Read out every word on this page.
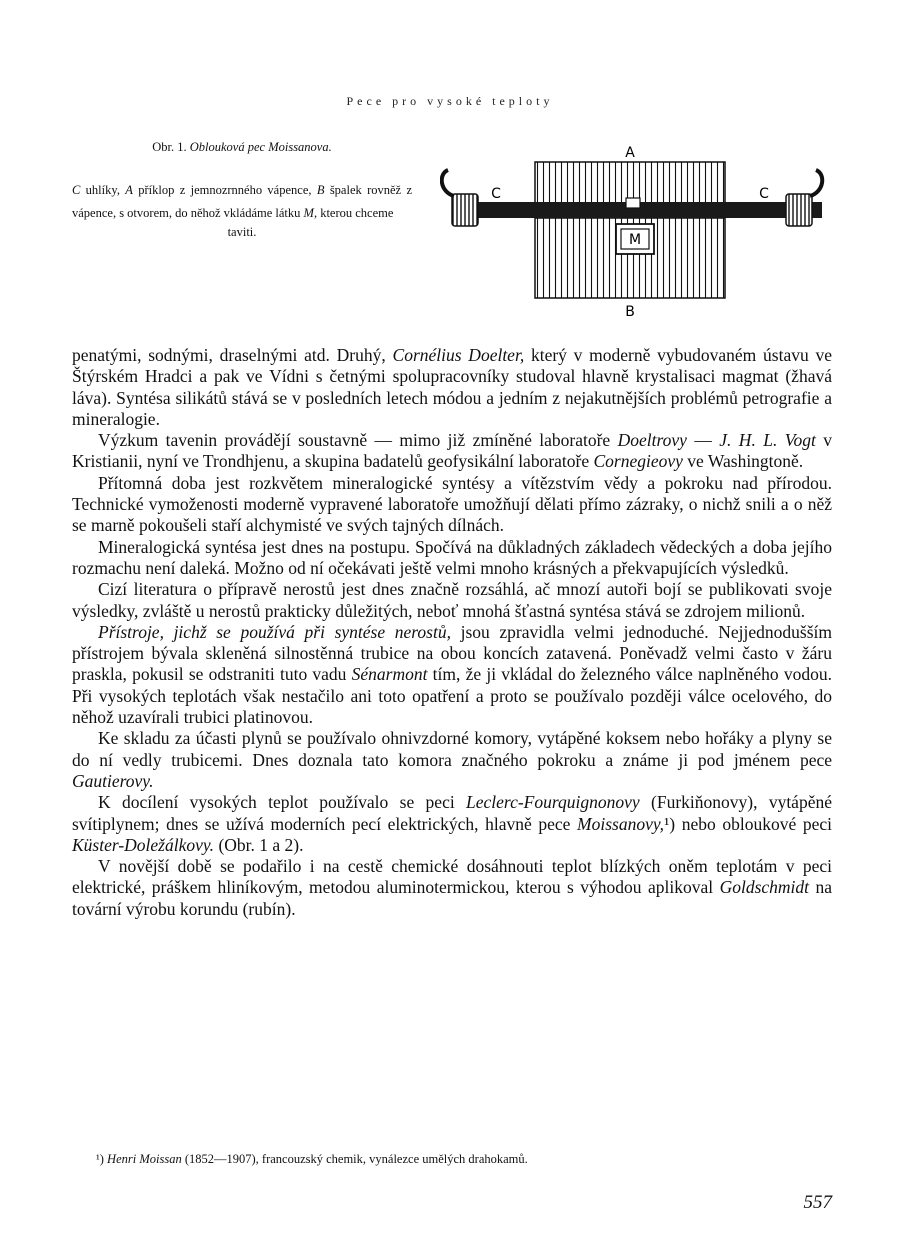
Pece pro vysoké teploty

Obr. 1. Oblouková pec Moissanova.

C uhlíky, A příklop z jemnozrnného vápence, B špalek rovněž z vápence, s otvorem, do něhož vkládáme látku M, kterou chceme

taviti.

A
B
C	C
M

penatými, sodnými, draselnými atd. Druhý, Cornélius Doelter, který v moderně vybudovaném ústavu ve Štýrském Hradci a pak ve Vídni s četnými spolupracovníky studoval hlavně krystalisaci magmat (žhavá láva). Syntésa silikátů stává se v posledních letech módou a jedním z nejakutnějších problémů petrografie a mineralogie.

Výzkum tavenin provádějí soustavně — mimo již zmíněné laboratoře Doeltrovy — J. H. L. Vogt v Kristianii, nyní ve Trondhjenu, a skupina badatelů geofysikální laboratoře Cornegieovy ve Washingtoně.

Přítomná doba jest rozkvětem mineralogické syntésy a vítězstvím vědy a pokroku nad přírodou. Technické vymoženosti moderně vypravené laboratoře umožňují dělati přímo zázraky, o nichž snili a o něž se marně pokoušeli staří alchymisté ve svých tajných dílnách.

Mineralogická syntésa jest dnes na postupu. Spočívá na důkladných základech vědeckých a doba jejího rozmachu není daleká. Možno od ní očekávati ještě velmi mnoho krásných a překvapujících výsledků.

Cizí literatura o přípravě nerostů jest dnes značně rozsáhlá, ač mnozí autoři bojí se publikovati svoje výsledky, zvláště u nerostů prakticky důležitých, neboť mnohá šťastná syntésa stává se zdrojem milionů.

Přístroje, jichž se používá při syntése nerostů, jsou zpravidla velmi jednoduché. Nejjednodušším přístrojem bývala skleněná silnostěnná trubice na obou koncích zatavená. Poněvadž velmi často v žáru praskla, pokusil se odstraniti tuto vadu Sénarmont tím, že ji vkládal do železného válce naplněného vodou. Při vysokých teplotách však nestačilo ani toto opatření a proto se používalo později válce ocelového, do něhož uzavírali trubici platinovou.

Ke skladu za účasti plynů se používalo ohnivzdorné komory, vytápěné koksem nebo hořáky a plyny se do ní vedly trubicemi. Dnes doznala tato komora značného pokroku a známe ji pod jménem pece Gautierovy.

K docílení vysokých teplot používalo se peci Leclerc-Fourquignonovy (Furkiňonovy), vytápěné svítiplynem; dnes se užívá moderních pecí elektrických, hlavně pece Moissanovy,¹) nebo obloukové peci Küster-Doležálkovy. (Obr. 1 a 2).

V novější době se podařilo i na cestě chemické dosáhnouti teplot blízkých oněm teplotám v peci elektrické, práškem hliníkovým, metodou aluminotermickou, kterou s výhodou aplikoval Goldschmidt na tovární výrobu korundu (rubín).

¹) Henri Moissan (1852—1907), francouzský chemik, vynálezce umělých drahokamů.
557
